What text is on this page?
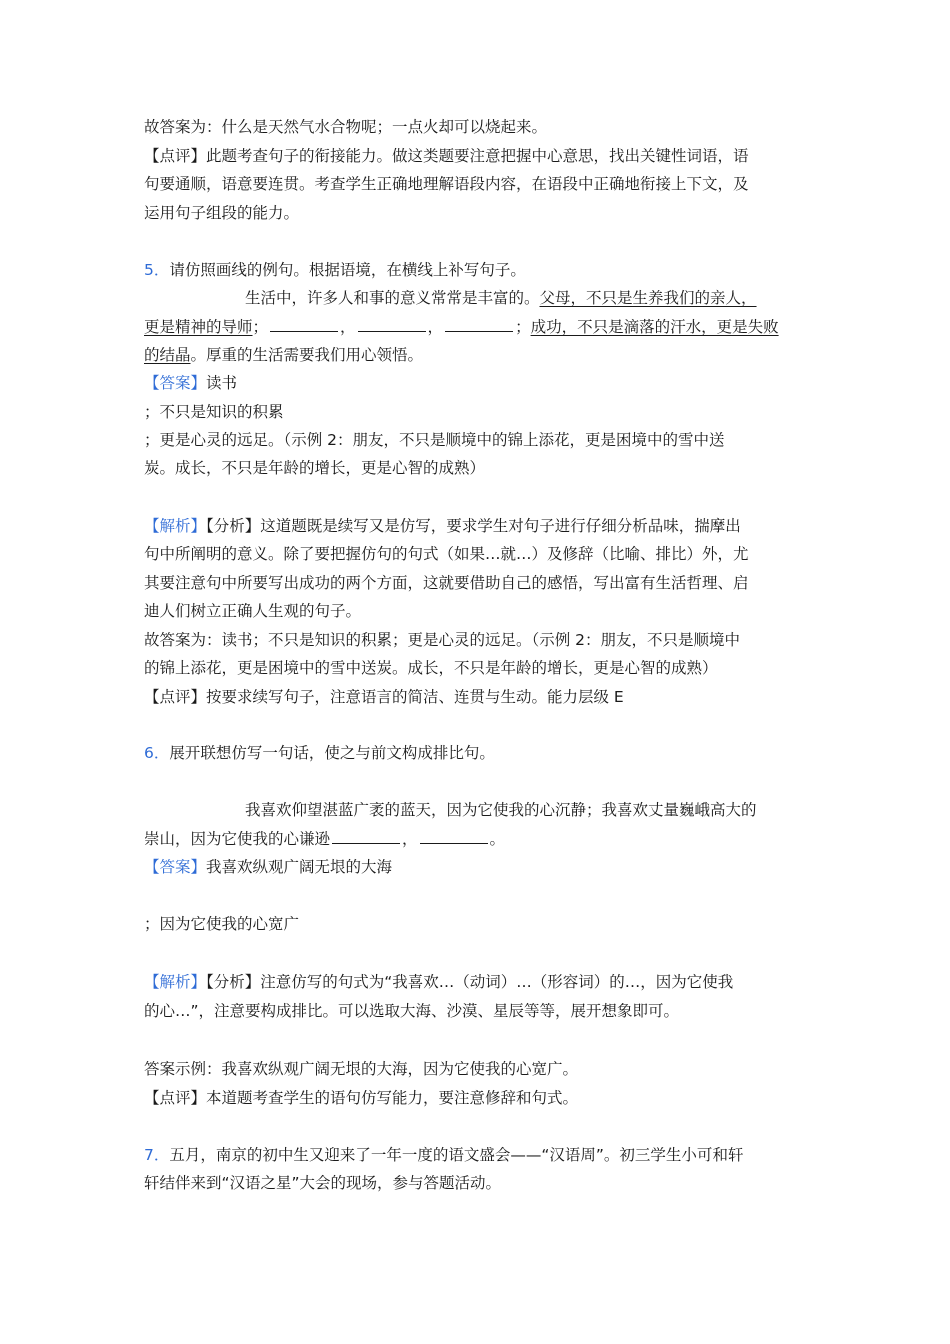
故答案为：什么是天然气水合物呢；一点火却可以烧起来。
【点评】此题考查句子的衔接能力。做这类题要注意把握中心意思，找出关键性词语，语
句要通顺，语意要连贯。考查学生正确地理解语段内容，在语段中正确地衔接上下文，及
运用句子组段的能力。
5．请仿照画线的例句。根据语境，在横线上补写句子。
生活中，许多人和事的意义常常是丰富的。父母，不只是生养我们的亲人，
更是精神的导师；	，	，	；成功，不只是滴落的汗水，更是失败
的结晶。厚重的生活需要我们用心领悟。
【答案】读书
；不只是知识的积累
；更是心灵的远足。（示例 2：朋友，不只是顺境中的锦上添花，更是困境中的雪中送
炭。成长，不只是年龄的增长，更是心智的成熟）
【解析】【分析】这道题既是续写又是仿写，要求学生对句子进行仔细分析品味，揣摩出
句中所阐明的意义。除了要把握仿句的句式（如果…就…）及修辞（比喻、排比）外，尤
其要注意句中所要写出成功的两个方面，这就要借助自己的感悟，写出富有生活哲理、启
迪人们树立正确人生观的句子。
故答案为：读书；不只是知识的积累；更是心灵的远足。（示例 2：朋友，不只是顺境中
的锦上添花，更是困境中的雪中送炭。成长，不只是年龄的增长，更是心智的成熟）
【点评】按要求续写句子，注意语言的简洁、连贯与生动。能力层级 E
6．展开联想仿写一句话，使之与前文构成排比句。
我喜欢仰望湛蓝广袤的蓝天，因为它使我的心沉静；我喜欢丈量巍峨高大的
崇山，因为它使我的心谦逊	，	。
【答案】我喜欢纵观广阔无垠的大海
；因为它使我的心宽广
【解析】【分析】注意仿写的句式为“我喜欢…（动词）…（形容词）的…，因为它使我
的心…”，注意要构成排比。可以选取大海、沙漠、星辰等等，展开想象即可。
答案示例：我喜欢纵观广阔无垠的大海，因为它使我的心宽广。
【点评】本道题考查学生的语句仿写能力，要注意修辞和句式。
7．五月，南京的初中生又迎来了一年一度的语文盛会——“汉语周”。初三学生小可和轩
轩结伴来到“汉语之星”大会的现场，参与答题活动。
